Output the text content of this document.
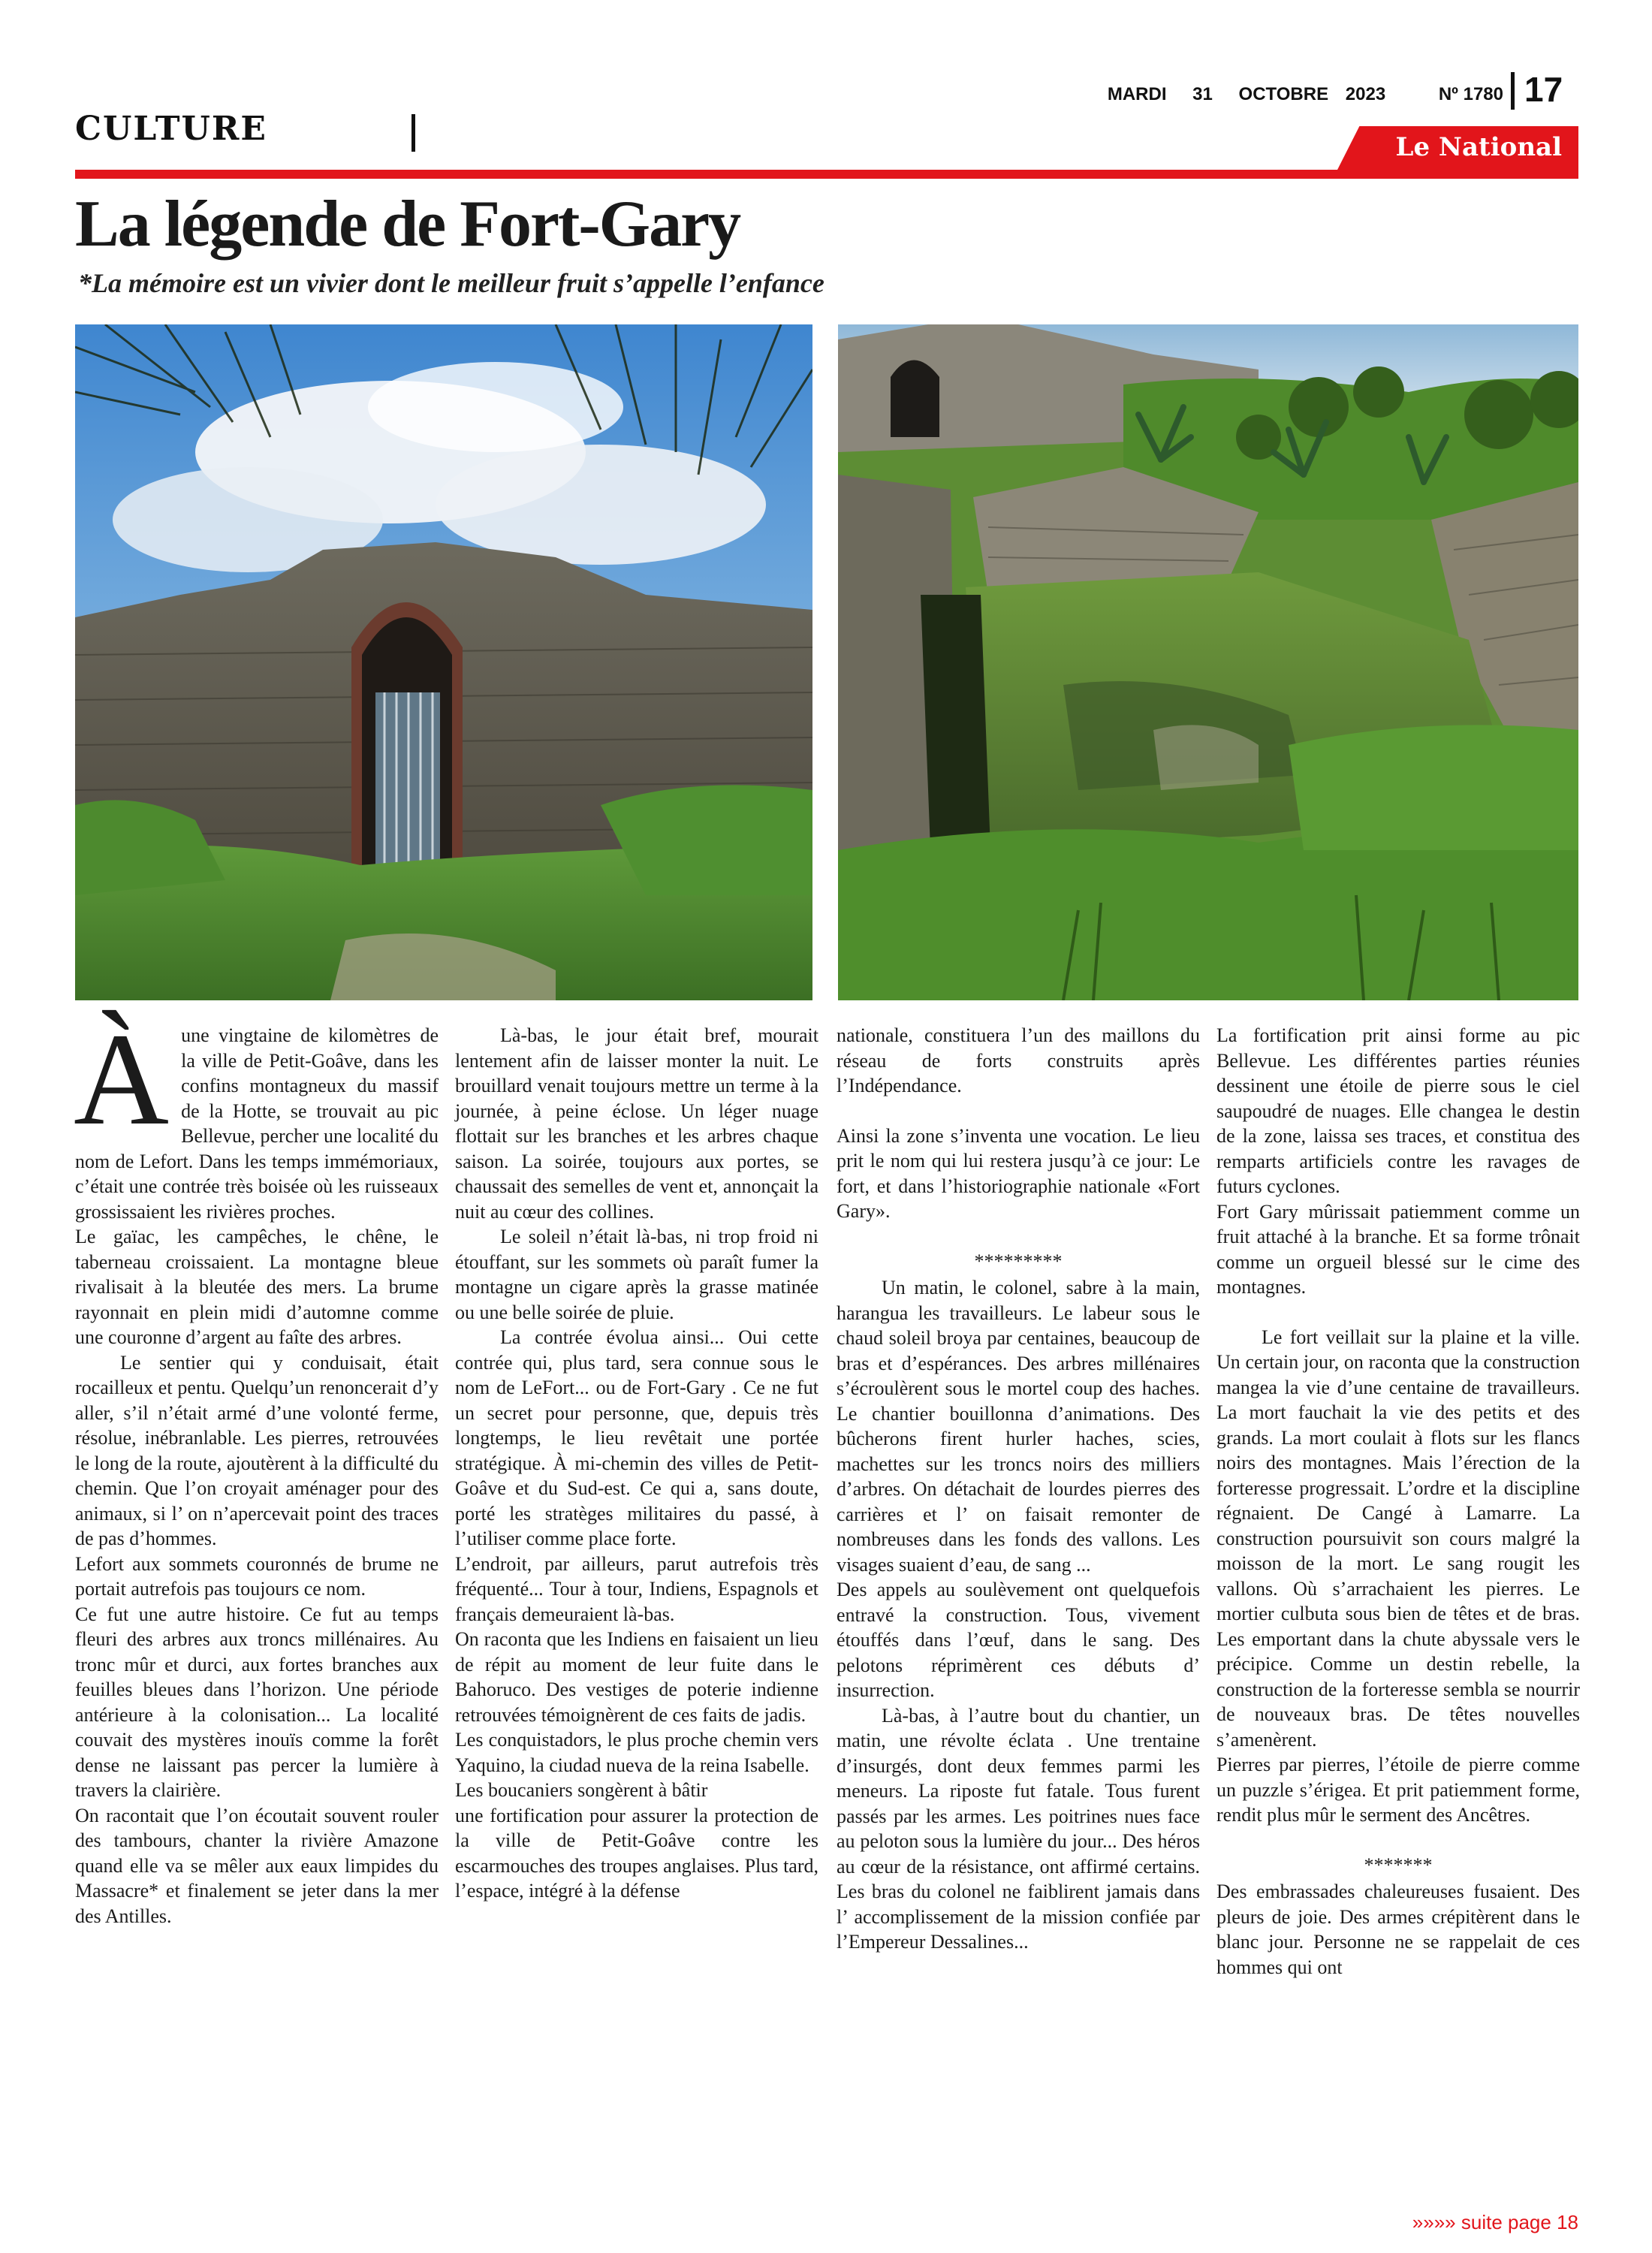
CULTURE
MARDI 31 OCTOBRE 2023	Nº 1780 17
Le National
La légende de Fort-Gary
*La mémoire est un vivier dont le meilleur fruit s’appelle l’enfance

Àune vingtaine de kilomètres de la ville de Petit-Goâve, dans les confins montagneux du massif de la Hotte, se trouvait au pic Bellevue, percher une localité du nom de Lefort. Dans les temps immémoriaux, c’était une contrée très boisée où les ruisseaux grossissaient les rivières proches.

Le gaïac, les campêches, le chêne, le taberneau croissaient. La montagne bleue rivalisait à la bleutée des mers. La brume rayonnait en plein midi d’automne comme une couronne d’argent au faîte des arbres.

Le sentier qui y conduisait, était rocailleux et pentu. Quelqu’un renoncerait d’y aller, s’il n’était armé d’une volonté ferme, résolue, inébranlable. Les pierres, retrouvées le long de la route, ajoutèrent à la difficulté du chemin. Que l’on croyait aménager pour des animaux, si l’ on n’apercevait point des traces de pas d’hommes.

Lefort aux sommets couronnés de brume ne portait autrefois pas toujours ce nom.

Ce fut une autre histoire. Ce fut au temps fleuri des arbres aux troncs millénaires. Au tronc mûr et durci, aux fortes branches aux feuilles bleues dans l’horizon. Une période antérieure à la colonisation... La localité couvait des mystères inouïs comme la forêt dense ne laissant pas percer la lumière à travers la clairière.

On racontait que l’on écoutait souvent rouler des tambours, chanter la rivière Amazone quand elle va se mêler aux eaux limpides du Massacre* et finalement se jeter dans la mer des Antilles.

Là-bas, le jour était bref, mourait lentement afin de laisser monter la nuit. Le brouillard venait toujours mettre un terme à la journée, à peine éclose. Un léger nuage flottait sur les branches et les arbres chaque saison. La soirée, toujours aux portes, se chaussait des semelles de vent et, annonçait la nuit au cœur des collines.

Le soleil n’était là-bas, ni trop froid ni étouffant, sur les sommets où paraît fumer la montagne un cigare après la grasse matinée ou une belle soirée de pluie.

La contrée évolua ainsi... Oui cette contrée qui, plus tard, sera connue sous le nom de LeFort... ou de Fort-Gary . Ce ne fut un secret pour personne, que, depuis très longtemps, le lieu revêtait une portée stratégique. À mi-chemin des villes de Petit-Goâve et du Sud-est. Ce qui a, sans doute, porté les stratèges militaires du passé, à l’utiliser comme place forte.

L’endroit, par ailleurs, parut autrefois très fréquenté... Tour à tour, Indiens, Espagnols et français demeuraient là-bas.

On raconta que les Indiens en faisaient un lieu de répit au moment de leur fuite dans le Bahoruco. Des vestiges de poterie indienne retrouvées témoignèrent de ces faits de jadis.

Les conquistadors, le plus proche chemin vers Yaquino, la ciudad nueva de la reina Isabelle.

Les boucaniers songèrent à bâtir

une fortification pour assurer la protection de la ville de Petit-Goâve contre les escarmouches des troupes anglaises. Plus tard, l’espace, intégré à la défense

nationale, constituera l’un des maillons du réseau de forts construits après l’Indépendance.

Ainsi la zone s’inventa une vocation. Le lieu prit le nom qui lui restera jusqu’à ce jour: Le fort, et dans l’historiographie nationale «Fort Gary».

*********

Un matin, le colonel, sabre à la main, harangua les travailleurs. Le labeur sous le chaud soleil broya par centaines, beaucoup de bras et d’espérances. Des arbres millénaires s’écroulèrent sous le mortel coup des haches. Le chantier bouillonna d’animations. Des bûcherons firent hurler haches, scies, machettes sur les troncs noirs des milliers d’arbres. On détachait de lourdes pierres des carrières et l’ on faisait remonter de nombreuses dans les fonds des vallons. Les visages suaient d’eau, de sang ...

Des appels au soulèvement ont quelquefois entravé la construction. Tous, vivement étouffés dans l’œuf, dans le sang. Des pelotons réprimèrent ces débuts d’ insurrection.

Là-bas, à l’autre bout du chantier, un matin, une révolte éclata . Une trentaine d’insurgés, dont deux femmes parmi les meneurs. La riposte fut fatale. Tous furent passés par les armes. Les poitrines nues face au peloton sous la lumière du jour... Des héros au cœur de la résistance, ont affirmé certains. Les bras du colonel ne faiblirent jamais dans l’ accomplissement de la mission confiée par l’Empereur Dessalines...

La fortification prit ainsi forme au pic Bellevue. Les différentes parties réunies dessinent une étoile de pierre sous le ciel saupoudré de nuages. Elle changea le destin de la zone, laissa ses traces, et constitua des remparts artificiels contre les ravages de futurs cyclones.

Fort Gary mûrissait patiemment comme un fruit attaché à la branche. Et sa forme trônait comme un orgueil blessé sur le cime des montagnes.

Le fort veillait sur la plaine et la ville. Un certain jour, on raconta que la construction mangea la vie d’une centaine de travailleurs. La mort fauchait la vie des petits et des grands. La mort coulait à flots sur les flancs noirs des montagnes. Mais l’érection de la forteresse progressait. L’ordre et la discipline régnaient. De Cangé à Lamarre. La construction poursuivit son cours malgré la moisson de la mort. Le sang rougit les vallons. Où s’arrachaient les pierres. Le mortier culbuta sous bien de têtes et de bras. Les emportant dans la chute abyssale vers le précipice. Comme un destin rebelle, la construction de la forteresse sembla se nourrir de nouveaux bras. De têtes nouvelles s’amenèrent.

Pierres par pierres, l’étoile de pierre comme un puzzle s’érigea. Et prit patiemment forme, rendit plus mûr le serment des Ancêtres.

*******

Des embrassades chaleureuses fusaient. Des pleurs de joie. Des armes crépitèrent dans le blanc jour. Personne ne se rappelait de ces hommes qui ont

»»»» suite page 18
